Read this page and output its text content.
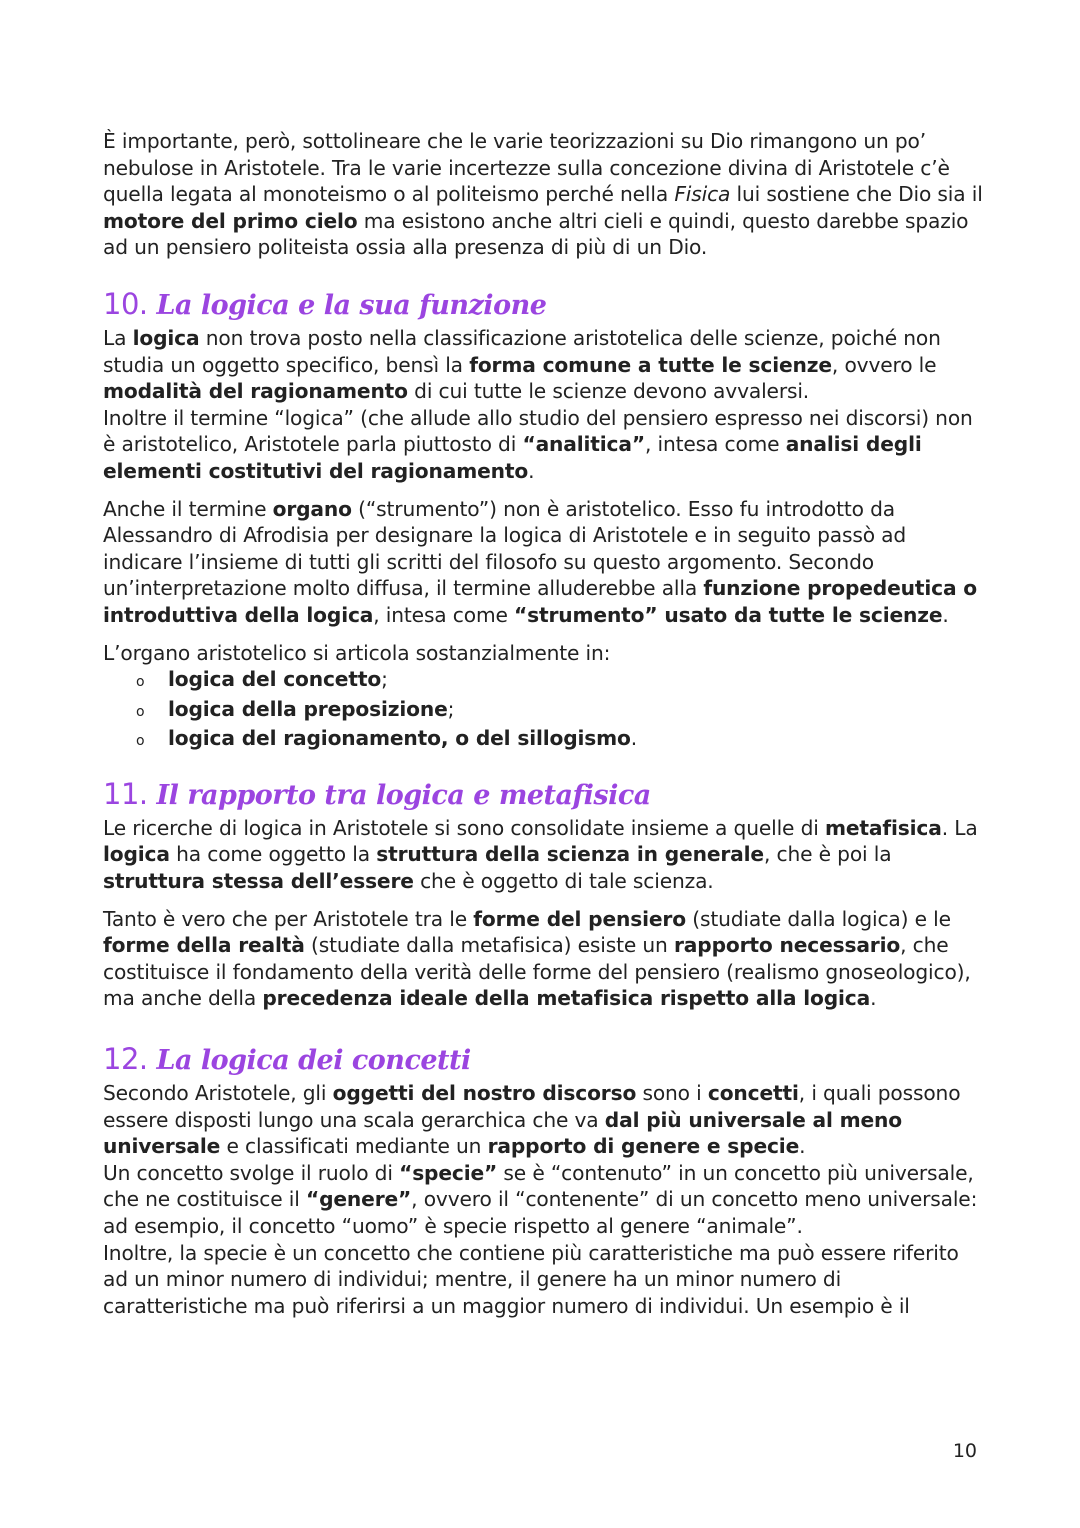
È importante, però, sottolineare che le varie teorizzazioni su Dio rimangono un po’ nebulose in Aristotele. Tra le varie incertezze sulla concezione divina di Aristotele c’è quella legata al monoteismo o al politeismo perché nella Fisica lui sostiene che Dio sia il motore del primo cielo ma esistono anche altri cieli e quindi, questo darebbe spazio ad un pensiero politeista ossia alla presenza di più di un Dio.

10. La logica e la sua funzione

La logica non trova posto nella classificazione aristotelica delle scienze, poiché non studia un oggetto specifico, bensì la forma comune a tutte le scienze, ovvero le modalità del ragionamento di cui tutte le scienze devono avvalersi.

Inoltre il termine “logica” (che allude allo studio del pensiero espresso nei discorsi) non è aristotelico, Aristotele parla piuttosto di “analitica”, intesa come analisi degli elementi costitutivi del ragionamento.

Anche il termine organo (“strumento”) non è aristotelico. Esso fu introdotto da Alessandro di Afrodisia per designare la logica di Aristotele e in seguito passò ad indicare l’insieme di tutti gli scritti del filosofo su questo argomento. Secondo un’interpretazione molto diffusa, il termine alluderebbe alla funzione propedeutica o introduttiva della logica, intesa come “strumento” usato da tutte le scienze.

L’organo aristotelico si articola sostanzialmente in:

o	logica del concetto;
o	logica della preposizione;
o	logica del ragionamento, o del sillogismo.
11. Il rapporto tra logica e metafisica

Le ricerche di logica in Aristotele si sono consolidate insieme a quelle di metafisica. La logica ha come oggetto la struttura della scienza in generale, che è poi la struttura stessa dell’essere che è oggetto di tale scienza.

Tanto è vero che per Aristotele tra le forme del pensiero (studiate dalla logica) e le forme della realtà (studiate dalla metafisica) esiste un rapporto necessario, che costituisce il fondamento della verità delle forme del pensiero (realismo gnoseologico), ma anche della precedenza ideale della metafisica rispetto alla logica.

12. La logica dei concetti

Secondo Aristotele, gli oggetti del nostro discorso sono i concetti, i quali possono essere disposti lungo una scala gerarchica che va dal più universale al meno universale e classificati mediante un rapporto di genere e specie.

Un concetto svolge il ruolo di “specie” se è “contenuto” in un concetto più universale, che ne costituisce il “genere”, ovvero il “contenente” di un concetto meno universale: ad esempio, il concetto “uomo” è specie rispetto al genere “animale”.

Inoltre, la specie è un concetto che contiene più caratteristiche ma può essere riferito ad un minor numero di individui; mentre, il genere ha un minor numero di caratteristiche ma può riferirsi a un maggior numero di individui. Un esempio è il

10
